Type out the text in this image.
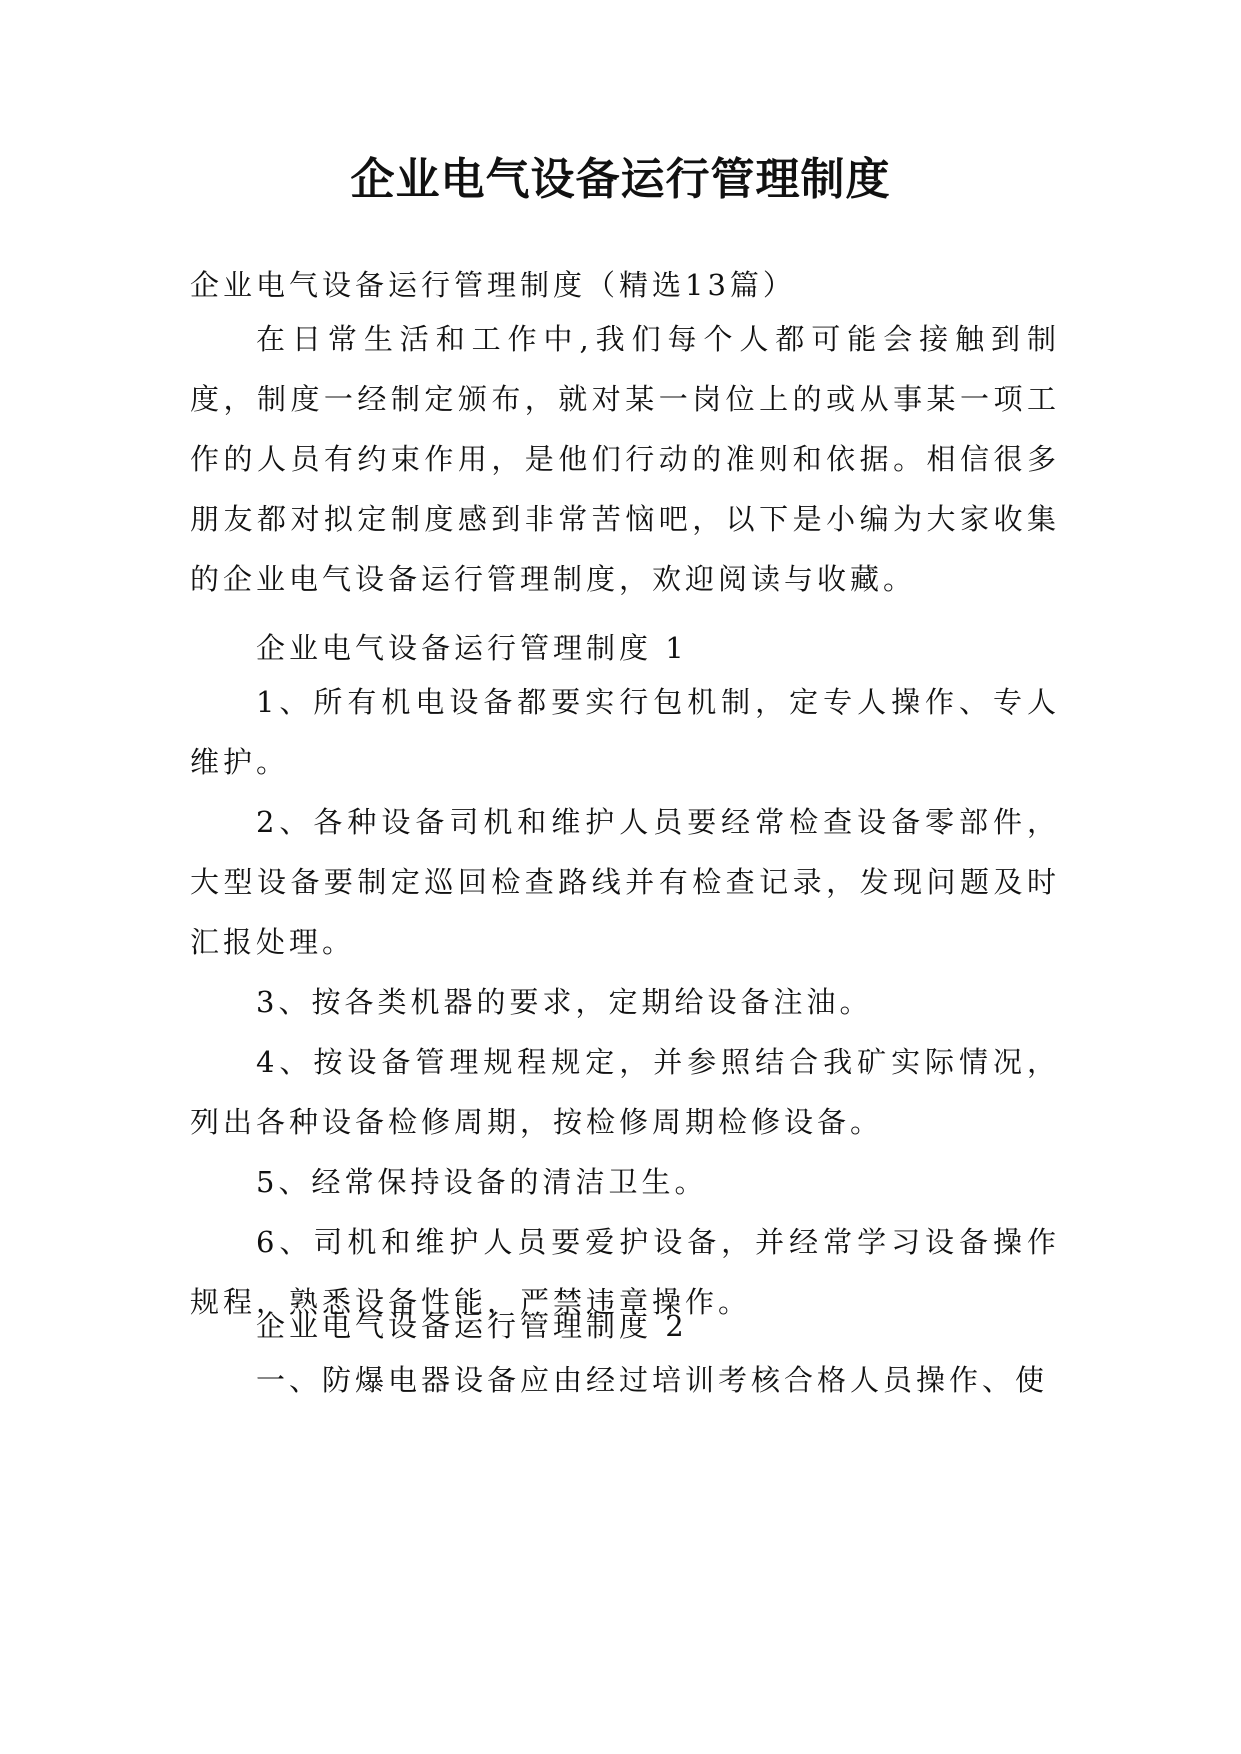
企业电气设备运行管理制度

企业电气设备运行管理制度（精选13篇）

在日常生活和工作中,我们每个人都可能会接触到制度，制度一经制定颁布，就对某一岗位上的或从事某一项工作的人员有约束作用，是他们行动的准则和依据。相信很多朋友都对拟定制度感到非常苦恼吧，以下是小编为大家收集的企业电气设备运行管理制度，欢迎阅读与收藏。

企业电气设备运行管理制度 1

1、所有机电设备都要实行包机制，定专人操作、专人维护。

2、各种设备司机和维护人员要经常检查设备零部件，大型设备要制定巡回检查路线并有检查记录，发现问题及时汇报处理。

3、按各类机器的要求，定期给设备注油。

4、按设备管理规程规定，并参照结合我矿实际情况，列出各种设备检修周期，按检修周期检修设备。

5、经常保持设备的清洁卫生。

6、司机和维护人员要爱护设备，并经常学习设备操作规程，熟悉设备性能，严禁违章操作。

企业电气设备运行管理制度 2

一、防爆电器设备应由经过培训考核合格人员操作、使
